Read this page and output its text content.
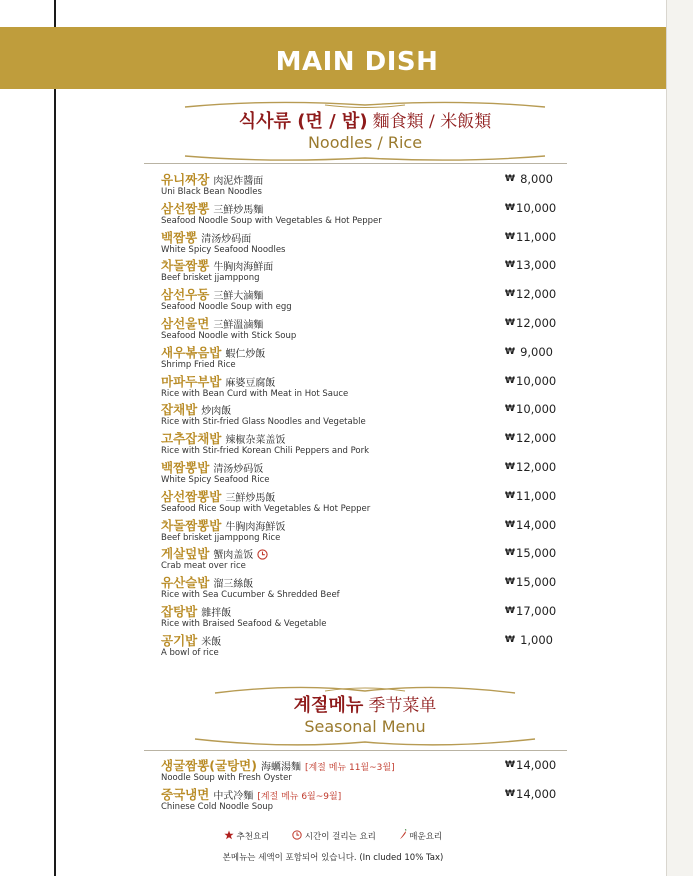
MAIN DISH
식사류 (면 / 밥) 麵食類 / 米飯類
Noodles / Rice
유니짜장 肉泥炸醬面
Uni Black Bean Noodles
₩ 8,000
삼선짬뽕 三鮮炒馬麵
Seafood Noodle Soup with Vegetables & Hot Pepper
₩ 10,000
백짬뽕 清汤炒码面
White Spicy Seafood Noodles
₩ 11,000
차돌짬뽕 牛胸肉海鮮面
Beef brisket jjamppong
₩ 13,000
삼선우동 三鮮大滷麵
Seafood Noodle Soup with egg
₩ 12,000
삼선울면 三鮮溫滷麵
Seafood Noodle with Stick Soup
₩ 12,000
새우볶음밥 蝦仁炒飯
Shrimp Fried Rice
₩ 9,000
마파두부밥 麻婆豆腐飯
Rice with Bean Curd with Meat in Hot Sauce
₩ 10,000
잡채밥 炒肉飯
Rice with Stir-fried Glass Noodles and Vegetable
₩ 10,000
고추잡채밥 辣椒杂菜盖饭
Rice with Stir-fried Korean Chili Peppers and Pork
₩ 12,000
백짬뽕밥 清汤炒码饭
White Spicy Seafood Rice
₩ 12,000
삼선짬뽕밥 三鮮炒馬飯
Seafood Rice Soup with Vegetables & Hot Pepper
₩ 11,000
차돌짬뽕밥 牛胸肉海鮮饭
Beef brisket jjamppong Rice
₩ 14,000
게살덮밥 蟹肉盖饭
Crab meat over rice
₩ 15,000
유산슬밥 溜三絲飯
Rice with Sea Cucumber & Shredded Beef
₩ 15,000
잡탕밥 雜拌飯
Rice with Braised Seafood & Vegetable
₩ 17,000
공기밥 米飯
A bowl of rice
₩ 1,000
계절메뉴 季节菜单
Seasonal Menu
생굴짬뽕(굴탕면) 海蠣湯麵 [계절 메뉴 11월~3월]
Noodle Soup with Fresh Oyster
₩ 14,000
중국냉면 中式冷麵 [계절 메뉴 6월~9월]
Chinese Cold Noodle Soup
₩ 14,000
추천요리	시간이 걸리는 요리	매운요리
본메뉴는 세액이 포함되어 있습니다. (In cluded 10% Tax)
